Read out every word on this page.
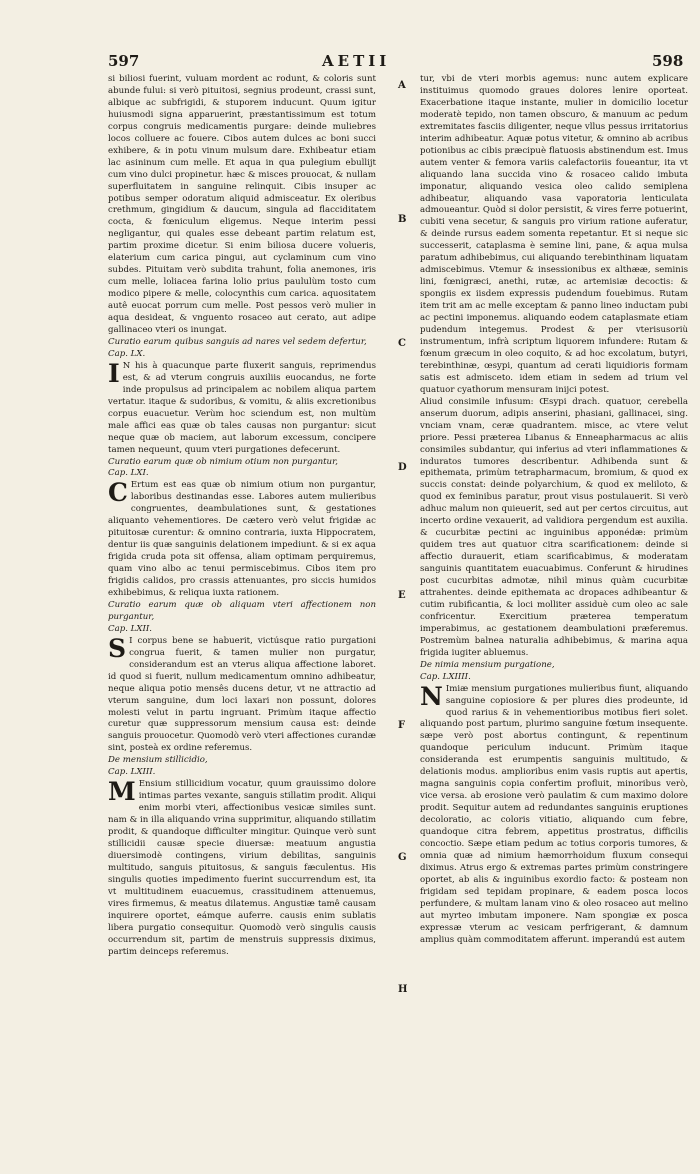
597	AETII	598

si biliosi fuerint, vuluam mordent ac rodunt, & coloris sunt abunde fului: si verò pituitosi, segnius prodeunt, crassi sunt, albique ac subfrigidi, & stuporem inducunt. Quum igitur huiusmodi signa apparuerint, præstantissimum est totum corpus congruis medicamentis purgare: deinde muliebres locos colluere ac fouere. Cibos autem dulces ac boni succi exhibere, & in potu vinum mulsum dare. Exhibeatur etiam lac asininum cum melle. Et aqua in qua pulegium ebullijt cum vino dulci propinetur. hæc & misces prouocat, & nullam superfluitatem in sanguine relinquit. Cibis insuper ac potibus semper odoratum aliquid admisceatur. Ex oleribus crethmum, gingidium & daucum, singula ad flacciditatem cocta, & fœniculum eligemus. Neque interim pessi negligantur, qui quales esse debeant partim relatum est, partim proxime dicetur. Si enim biliosa ducere volueris, elaterium cum carica pingui, aut cyclaminum cum vino subdes. Pituitam verò subdita trahunt, folia anemones, iris cum melle, loliacea farina lolio prius paululùm tosto cum modico pipere & melle, colocynthis cum carica. aquositatem autê euocat porrum cum melle. Post pessos verò mulier in aqua desideat, & vnguento rosaceo aut cerato, aut adipe gallinaceo vteri os inungat.

Curatio earum quibus sanguis ad nares vel sedem defertur,

Cap. LX.

I N his à quacunque parte fluxerit sanguis, reprimendus est, & ad vterum congruis auxiliis euocandus, ne forte inde propulsus ad principalem ac nobilem aliqua partem vertatur. itaque & sudoribus, & vomitu, & aliis excretionibus corpus euacuetur. Verùm hoc sciendum est, non multùm male affici eas quæ ob tales causas non purgantur: sicut neque quæ ob maciem, aut laborum excessum, concipere tamen nequeunt, quum vteri purgationes defecerunt.

Curatio earum quæ ob nimium otium non purgantur,

Cap. LXI.

C Ertum est eas quæ ob nimium otium non purgantur, laboribus destinandas esse. Labores autem mulieribus congruentes, deambulationes sunt, & gestationes aliquanto vehementiores. De cætero verò velut frigidæ ac pituitosæ curentur: & omnino contraria, iuxta Hippocratem, dentur iis quæ sanguinis delationem impediunt. & si ex aqua frigida cruda pota sit offensa, aliam optimam perquiremus, quam vino albo ac tenui permiscebimus. Cibos item pro frigidis calidos, pro crassis attenuantes, pro siccis humidos exhibebimus, & reliqua iuxta rationem.

Curatio earum quæ ob aliquam vteri affectionem non purgantur,

Cap. LXII.

S I corpus bene se habuerit, victúsque ratio purgationi congrua fuerit, & tamen mulier non purgatur, considerandum est an vterus aliqua affectione laboret. id quod si fuerit, nullum medicamentum omnino adhibeatur, neque aliqua potio mensês ducens detur, vt ne attractio ad vterum sanguine, dum loci laxari non possunt, dolores molesti velut in partu ingruant. Primùm itaque affectio curetur quæ suppressorum mensium causa est: deinde sanguis prouocetur. Quomodò verò vteri affectiones curandæ sint, posteà ex ordine referemus.

De mensium stillicidio,

Cap. LXIII.

M Ensium stillicidium vocatur, quum grauissimo dolore intimas partes vexante, sanguis stillatim prodit. Aliqui enim morbi vteri, affectionibus vesicæ similes sunt. nam & in illa aliquando vrina supprimitur, aliquando stillatim prodit, & quandoque difficulter mingitur. Quinque verò sunt stillicidii causæ specie diuersæ: meatuum angustia diuersimodè contingens, virium debilitas, sanguinis multitudo, sanguis pituitosus, & sanguis fæculentus. His singulis quoties impedimento fuerint succurrendum est, ita vt multitudinem euacuemus, crassitudinem attenuemus, vires firmemus, & meatus dilatemus. Angustiæ tamê causam inquirere oportet, eámque auferre. causis enim sublatis libera purgatio consequitur. Quomodò verò singulis causis occurrendum sit, partim de menstruis suppressis diximus, partim deinceps referemus.

tur, vbi de vteri morbis agemus: nunc autem explicare instituimus quomodo graues dolores lenire oporteat. Exacerbatione itaque instante, mulier in domicilio locetur moderatè tepido, non tamen obscuro, & manuum ac pedum extremitates fasciis diligenter, neque vllus pessus irritatorius interim adhibeatur. Aquæ potus vitetur, & omnino ab acribus potionibus ac cibis præcipuè flatuosis abstinendum est. Imus autem venter & femora variis calefactoriis foueantur, ita vt aliquando lana succida vino & rosaceo calido imbuta imponatur, aliquando vesica oleo calido semiplena adhibeatur, aliquando vasa vaporatoria lenticulata admoueantur. Quòd si dolor persistit, & vires ferre potuerint, cubiti vena secetur, & sanguis pro virium ratione auferatur, & deinde rursus eadem somenta repetantur. Et si neque sic successerit, cataplasma è semine lini, pane, & aqua mulsa paratum adhibebimus, cui aliquando terebinthinam liquatam admiscebimus. Vtemur & insessionibus ex althææ, seminis lini, fœnigræci, anethi, rutæ, ac artemisiæ decoctis: & spongiis ex iisdem expressis pudendum fouebimus. Rutam item trit am ac melle exceptam & panno lineo inductam pubi ac pectini imponemus. aliquando eodem cataplasmate etiam pudendum integemus. Prodest & per vterisusoriù instrumentum, infrà scriptum liquorem infundere: Rutam & fœnum græcum in oleo coquito, & ad hoc excolatum, butyri, terebinthinæ, œsypi, quantum ad cerati liquidioris formam satis est admisceto. idem etiam in sedem ad trium vel quatuor cyathorum mensuram inijci potest.

Aliud consimile infusum: Œsypi drach. quatuor, cerebella anserum duorum, adipis anserini, phasiani, gallinacei, sing. vnciam vnam, ceræ quadrantem. misce, ac vtere velut priore. Pessi præterea Libanus & Enneapharmacus ac aliis consimiles subdantur, qui inferius ad vteri inflammationes & induratos tumores describentur. Adhibenda sunt & epithemata, primùm tetrapharmacum, bromium, & quod ex succis constat: deinde polyarchium, & quod ex meliloto, & quod ex feminibus paratur, prout visus postulauerit. Si verò adhuc malum non quieuerit, sed aut per certos circuitus, aut incerto ordine vexauerit, ad validiora pergendum est auxilia. & cucurbitæ pectini ac inguinibus apponédæ: primùm quidem tres aut quatuor citra scarificationem: deinde si affectio durauerit, etiam scarificabimus, & moderatam sanguinis quantitatem euacuabimus. Conferunt & hirudines post cucurbitas admotæ, nihil minus quàm cucurbitæ attrahentes. deinde epithemata ac dropaces adhibeantur & cutim rubificantia, & loci molliter assiduè cum oleo ac sale confricentur. Exercitium præterea temperatum imperabimus, ac gestationem deambulationi præferemus. Postremùm balnea naturalia adhibebimus, & marina aqua frigida iugiter abluemus.

De nimia mensium purgatione,

Cap. LXIIII.

N Imiæ mensium purgationes mulieribus fiunt, aliquando sanguine copiosiore & per plures dies prodeunte, id quod rarius & in vehementioribus motibus fieri solet. aliquando post partum, plurimo sanguine fœtum insequente. sæpe verò post abortus contingunt, & repentinum quandoque periculum inducunt. Primùm itaque consideranda est erumpentis sanguinis multitudo, & delationis modus. amplioribus enim vasis ruptis aut apertis, magna sanguinis copia confertim profluit, minoribus verò, vice versa. ab erosione verò paulatim & cum maximo dolore prodit. Sequitur autem ad redundantes sanguinis eruptiones decoloratio, ac coloris vitiatio, aliquando cum febre, quandoque citra febrem, appetitus prostratus, difficilis concoctio. Sæpe etiam pedum ac totius corporis tumores, & omnia quæ ad nimium hæmorrhoidum fluxum consequi diximus. Atrus ergo & extremas partes primùm constringere oportet, ab alis & inguinibus exordio facto: & posteam non frigidam sed tepidam propinare, & eadem posca locos perfundere, & multam lanam vino & oleo rosaceo aut melino aut myrteo imbutam imponere. Nam spongiæ ex posca expressæ vterum ac vesicam perfrigerant, & damnum amplius quàm commoditatem afferunt. imperandú est autem

A
B
C
D
E
F
G
H
